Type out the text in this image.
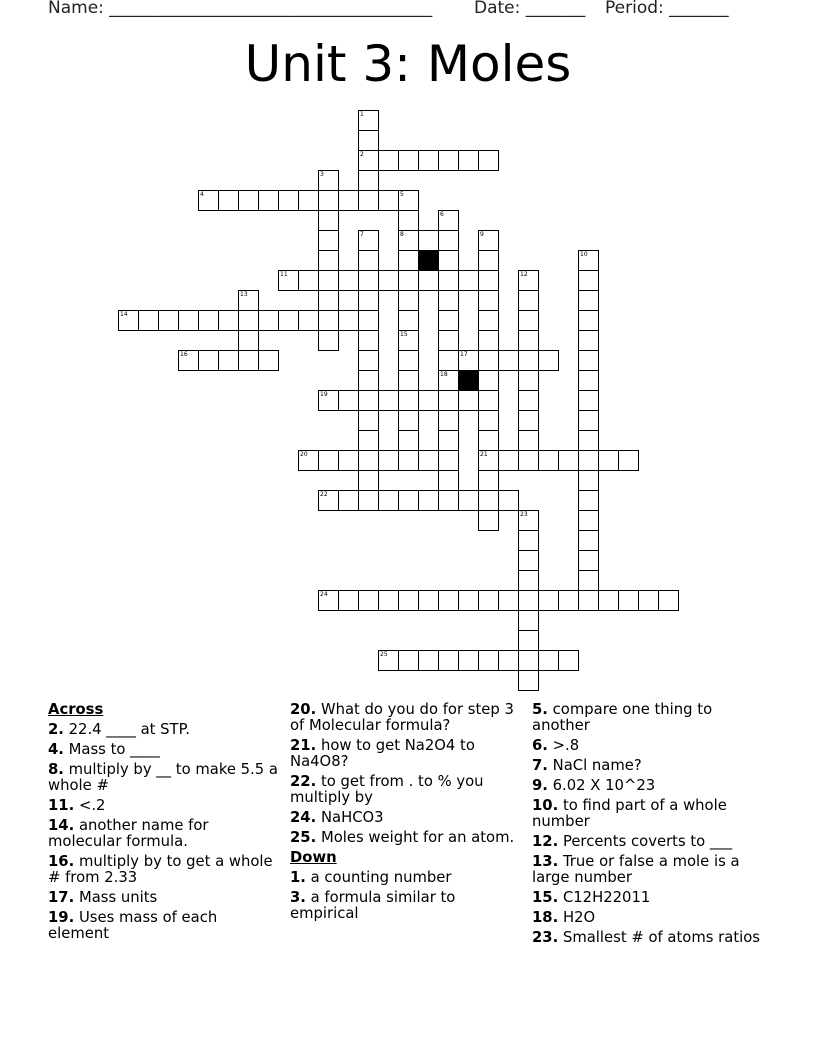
Name: ______________________________________ Date: _______ Period: _______
Unit 3: Moles
2
4
8
11
14
16	17
19
20	21
22
24
25
1
3
5
6
18
7	9
10
12
13
15
23
Across
2. 22.4 ____ at STP.
4. Mass to ____
8. multiply by __ to make 5.5 a whole #
11. <.2
14. another name for molecular formula.
16. multiply by to get a whole # from 2.33
17. Mass units
19. Uses mass of each element
20. What do you do for step 3 of Molecular formula?
21. how to get Na2O4 to Na4O8?
22. to get from . to % you multiply by
24. NaHCO3
25. Moles weight for an atom.
Down
1. a counting number
3. a formula similar to empirical
5. compare one thing to another
6. >.8
7. NaCl name?
9. 6.02 X 10^23
10. to find part of a whole number
12. Percents coverts to ___
13. True or false a mole is a large number
15. C12H22011
18. H2O
23. Smallest # of atoms ratios
